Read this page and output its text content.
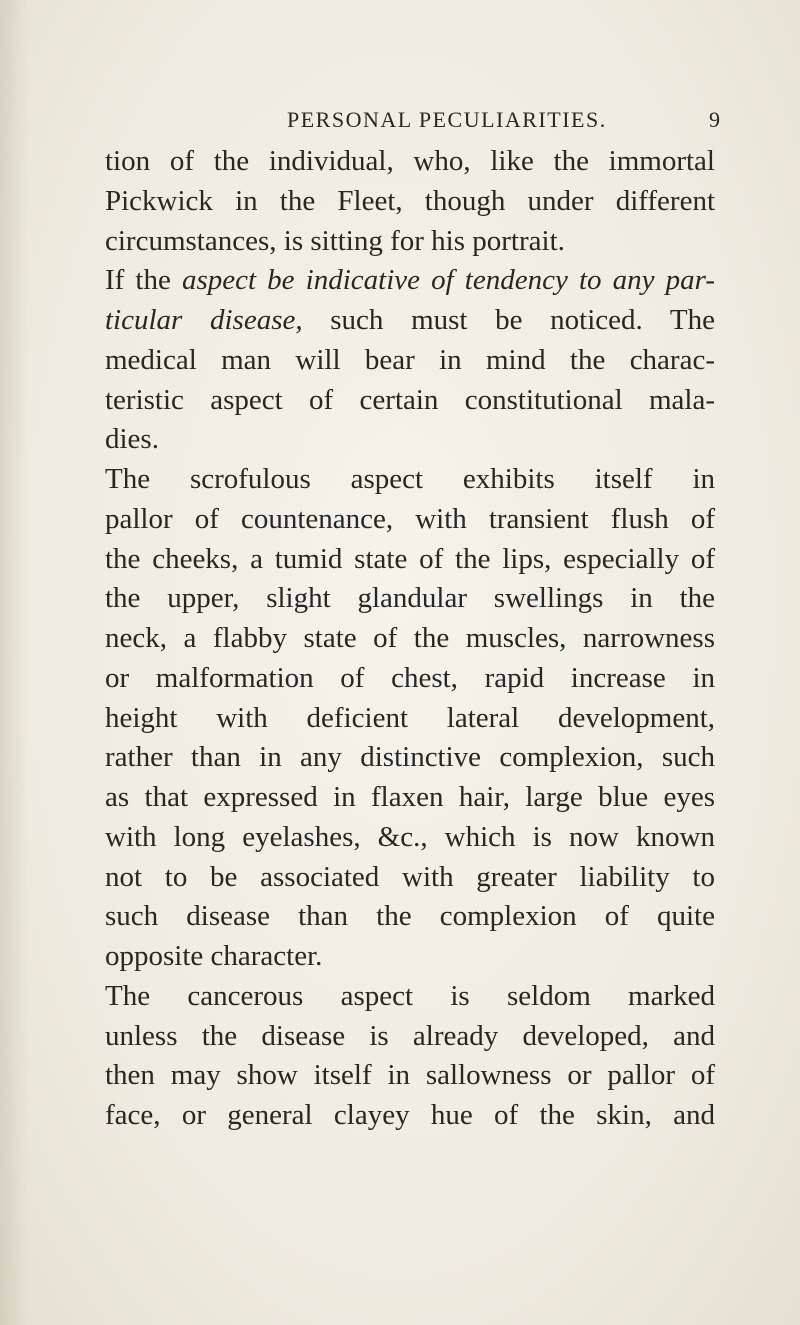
PERSONAL PECULIARITIES.	9
tion of the individual, who, like the immortal
Pickwick in the Fleet, though under different
circumstances, is sitting for his portrait.
If the aspect be indicative of tendency to any par-
ticular disease, such must be noticed. The
medical man will bear in mind the charac-
teristic aspect of certain constitutional mala-
dies.
The scrofulous aspect exhibits itself in
pallor of countenance, with transient flush of
the cheeks, a tumid state of the lips, especially of
the upper, slight glandular swellings in the
neck, a flabby state of the muscles, narrowness
or malformation of chest, rapid increase in
height with deficient lateral development,
rather than in any distinctive complexion, such
as that expressed in flaxen hair, large blue eyes
with long eyelashes, &c., which is now known
not to be associated with greater liability to
such disease than the complexion of quite
opposite character.
The cancerous aspect is seldom marked
unless the disease is already developed, and
then may show itself in sallowness or pallor of
face, or general clayey hue of the skin, and
